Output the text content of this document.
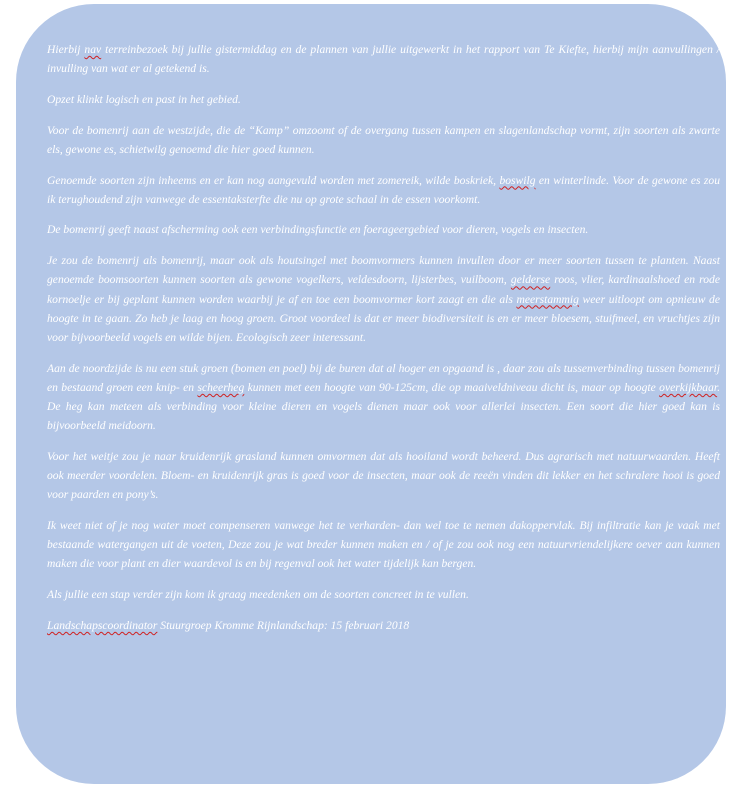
Hierbij nav terreinbezoek bij jullie gistermiddag en de plannen van jullie uitgewerkt in het rapport van Te Kiefte, hierbij mijn aanvullingen / invulling van wat er al getekend is.

Opzet klinkt logisch en past in het gebied.

Voor de bomenrij aan de westzijde, die de “Kamp” omzoomt of de overgang tussen kampen en slagenlandschap vormt, zijn soorten als zwarte els, gewone es, schietwilg genoemd die hier goed kunnen.

Genoemde soorten zijn inheems en er kan nog aangevuld worden met zomereik, wilde boskriek, boswilg en winterlinde. Voor de gewone es zou ik terughoudend zijn vanwege de essentaksterfte die nu op grote schaal in de essen voorkomt.

De bomenrij geeft naast afscherming ook een verbindingsfunctie en foerageergebied voor dieren, vogels en insecten.

Je zou de bomenrij als bomenrij, maar ook als houtsingel met boomvormers kunnen invullen door er meer soorten tussen te planten. Naast genoemde boomsoorten kunnen soorten als gewone vogelkers, veldesdoorn, lijsterbes, vuilboom, gelderse roos, vlier, kardinaalshoed en rode kornoelje er bij geplant kunnen worden waarbij je af en toe een boomvormer kort zaagt en die als meerstammig weer uitloopt om opnieuw de hoogte in te gaan. Zo heb je laag en hoog groen. Groot voordeel is dat er meer biodiversiteit is en er meer bloesem, stuifmeel, en vruchtjes zijn voor bijvoorbeeld vogels en wilde bijen. Ecologisch zeer interessant.

Aan de noordzijde is nu een stuk groen (bomen en poel) bij de buren dat al hoger en opgaand is , daar zou als tussenverbinding tussen bomenrij en bestaand groen een knip- en scheerheg kunnen met een hoogte van 90-125cm, die op maaiveldniveau dicht is, maar op hoogte overkijkbaar. De heg kan meteen als verbinding voor kleine dieren en vogels dienen maar ook voor allerlei insecten. Een soort die hier goed kan is bijvoorbeeld meidoorn.

Voor het weitje zou je naar kruidenrijk grasland kunnen omvormen dat als hooiland wordt beheerd. Dus agrarisch met natuurwaarden. Heeft ook meerder voordelen. Bloem- en kruidenrijk gras is goed voor de insecten, maar ook de reeën vinden dit lekker en het schralere hooi is goed voor paarden en pony’s.

Ik weet niet of je nog water moet compenseren vanwege het te verharden- dan wel toe te nemen dakoppervlak. Bij infiltratie kan je vaak met bestaande watergangen uit de voeten, Deze zou je wat breder kunnen maken en / of je zou ook nog een natuurvriendelijkere oever aan kunnen maken die voor plant en dier waardevol is en bij regenval ook het water tijdelijk kan bergen.

Als jullie een stap verder zijn kom ik graag meedenken om de soorten concreet in te vullen.

Landschapscoordinator Stuurgroep Kromme Rijnlandschap: 15 februari 2018
